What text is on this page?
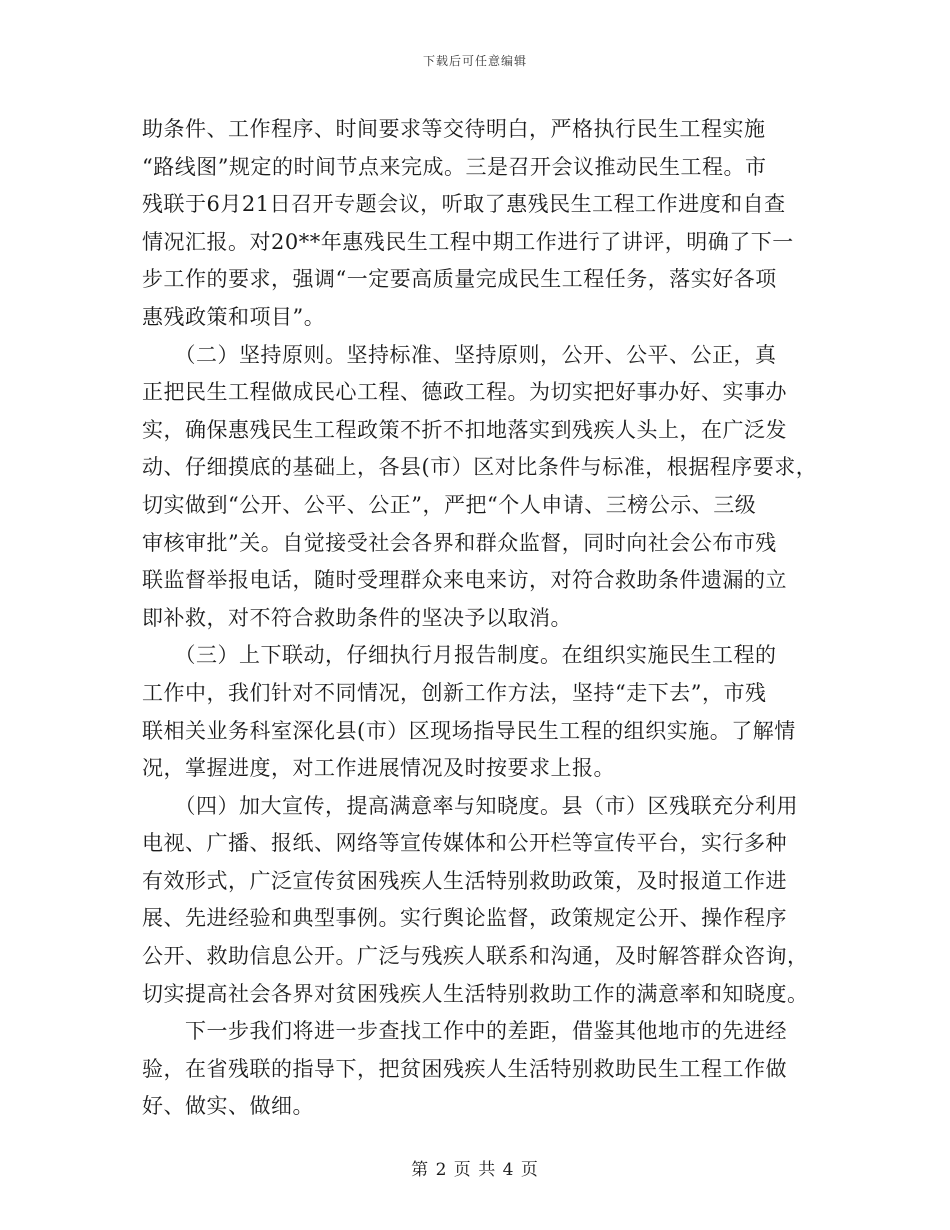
下载后可任意编辑
助条件、工作程序、时间要求等交待明白，严格执行民生工程实施
“路线图”规定的时间节点来完成。三是召开会议推动民生工程。市
残联于6月21日召开专题会议，听取了惠残民生工程工作进度和自查
情况汇报。对20**年惠残民生工程中期工作进行了讲评，明确了下一
步工作的要求，强调“一定要高质量完成民生工程任务，落实好各项
惠残政策和项目”。
　　（二）坚持原则。坚持标准、坚持原则，公开、公平、公正，真
正把民生工程做成民心工程、德政工程。为切实把好事办好、实事办
实，确保惠残民生工程政策不折不扣地落实到残疾人头上，在广泛发
动、仔细摸底的基础上，各县(市）区对比条件与标准，根据程序要求，
切实做到“公开、公平、公正”，严把“个人申请、三榜公示、三级
审核审批”关。自觉接受社会各界和群众监督，同时向社会公布市残
联监督举报电话，随时受理群众来电来访，对符合救助条件遗漏的立
即补救，对不符合救助条件的坚决予以取消。
　　（三）上下联动，仔细执行月报告制度。在组织实施民生工程的
工作中，我们针对不同情况，创新工作方法，坚持“走下去”，市残
联相关业务科室深化县(市）区现场指导民生工程的组织实施。了解情
况，掌握进度，对工作进展情况及时按要求上报。
　　（四）加大宣传，提高满意率与知晓度。县（市）区残联充分利用
电视、广播、报纸、网络等宣传媒体和公开栏等宣传平台，实行多种
有效形式，广泛宣传贫困残疾人生活特别救助政策，及时报道工作进
展、先进经验和典型事例。实行舆论监督，政策规定公开、操作程序
公开、救助信息公开。广泛与残疾人联系和沟通，及时解答群众咨询，
切实提高社会各界对贫困残疾人生活特别救助工作的满意率和知晓度。
　　下一步我们将进一步查找工作中的差距，借鉴其他地市的先进经
验，在省残联的指导下，把贫困残疾人生活特别救助民生工程工作做
好、做实、做细。
第 2 页 共 4 页
